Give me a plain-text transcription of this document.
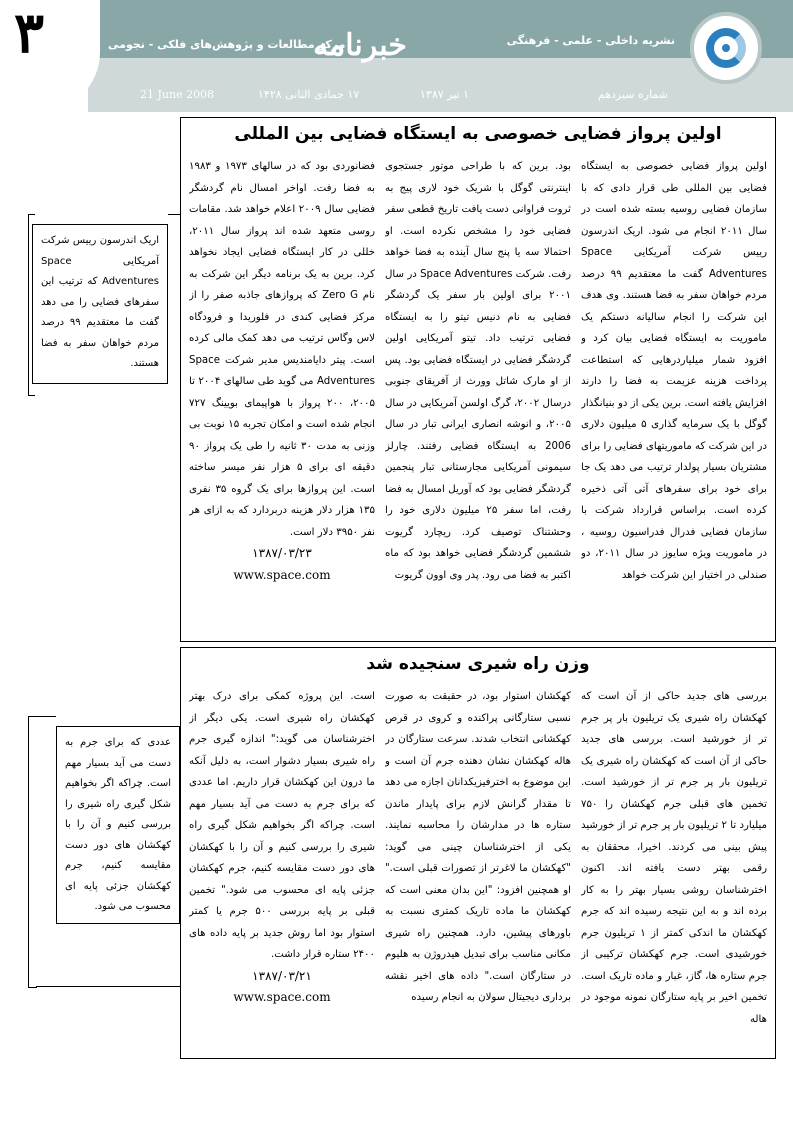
۳	خبرنامه	نشریه داخلی - علمی - فرهنگی
مرکز مطالعات و پژوهش‌های فلکی - نجومی
شماره سیزدهم
۱ تیر ۱۳۸۷
۱۷ جمادی الثانی ۱۴۲۸
21 June 2008
اولین پرواز فضایی خصوصی به ایستگاه فضایی بین المللی
اولین پرواز فضایی خصوصی به ایستگاه فضایی بین المللی طی قرار دادی که با سازمان فضایی روسیه بسته شده است در سال ۲۰۱۱ انجام می شود. اریک اندرسون رییس شرکت آمریکایی Space Adventures گفت ما معتقدیم ۹۹ درصد مردم خواهان سفر به فضا هستند. وی هدف این شرکت را انجام سالیانه دستکم یک ماموریت به ایستگاه فضایی بیان کرد و افزود شمار میلیاردرهایی که استطاعت پرداخت هزینه عزیمت به فضا را دارند افزایش یافته است. برین یکی از دو بنیانگذار گوگل با یک سرمایه گذاری ۵ میلیون دلاری در این شرکت که ماموریتهای فضایی را برای مشتریان بسیار پولدار ترتیب می دهد یک جا برای خود برای سفرهای آتی آتی ذخیره کرده است. براساس قرارداد شرکت با سازمان فضایی فدرال فدراسیون روسیه ، در ماموریت ویژه سایوز در سال ۲۰۱۱، دو صندلی در اختیار این شرکت خواهد
بود. برین که با طراحی موتور جستجوی اینترنتی گوگل با شریک خود لاری پیج به ثروت فراوانی دست یافت تاریخ قطعی سفر فضایی خود را مشخص نکرده است. او احتمالا سه یا پنج سال آینده به فضا خواهد رفت. شرکت Space Adventures در سال ۲۰۰۱ برای اولین بار سفر یک گردشگر فضایی به نام دنیس تیتو را به ایستگاه فضایی ترتیب داد. تیتو آمریکایی اولین گردشگر فضایی در ایستگاه فضایی بود. پس از او مارک شاتل وورث از آفریقای جنوبی درسال ۲۰۰۲، گرگ اولسن آمریکایی در سال ۲۰۰۵، و انوشه انصاری ایرانی تبار در سال 2006 به ایستگاه فضایی رفتند. چارلز سیمونی آمریکایی مجارستانی تبار پنجمین گردشگر فضایی بود که آوریل امسال به فضا رفت، اما سفر ۲۵ میلیون دلاری خود را وحشتناک توصیف کرد. ریچارد گریوت ششمین گردشگر فضایی خواهد بود که ماه اکتبر به فضا می رود. پدر وی اوون گریوت
فضانوردی بود که در سالهای ۱۹۷۳ و ۱۹۸۳ به فضا رفت. اواخر امسال نام گردشگر فضایی سال ۲۰۰۹ اعلام خواهد شد. مقامات روسی متعهد شده اند پرواز سال ۲۰۱۱، خللی در کار ایستگاه فضایی ایجاد نخواهد کرد. برین به یک برنامه دیگر این شرکت به نام Zero G که پروازهای جاذبه صفر را از مرکز فضایی کندی در فلوریدا و فرودگاه لاس وگاس ترتیب می دهد کمک مالی کرده است. پیتر دایامندیس مدیر شرکت Space Adventures می گوید طی سالهای ۲۰۰۴ تا ۲۰۰۵، ۲۰۰ پرواز با هواپیمای بویینگ ۷۲۷ انجام شده است و امکان تجربه ۱۵ نوبت بی وزنی به مدت ۳۰ ثانیه را طی یک پرواز ۹۰ دقیقه ای برای ۵ هزار نفر میسر ساخته است. این پروازها برای یک گروه ۳۵ نفری ۱۳۵ هزار دلار هزینه دربردارد که به ازای هر نفر ۳۹۵۰ دلار است.
۱۳۸۷/۰۳/۲۳
www.space.com
اریک اندرسون رییس شرکت آمریکایی Space Adventures که ترتیب این سفرهای فضایی را می دهد گفت ما معتقدیم ۹۹ درصد مردم خواهان سفر به فضا هستند.
وزن راه شیری سنجیده شد
بررسی های جدید حاکی از آن است که کهکشان راه شیری یک تریلیون بار پر جرم تر از خورشید است. بررسی های جدید حاکی از آن است که کهکشان راه شیری یک تریلیون بار پر جرم تر از خورشید است. تخمین های قبلی جرم کهکشان را ۷۵۰ میلیارد تا ۲ تریلیون بار پر جرم تر از خورشید پیش بینی می کردند. اخیرا، محققان به رقمی بهتر دست یافته اند. اکنون اخترشناسان روشی بسیار بهتر را به کار برده اند و به این نتیجه رسیده اند که جرم کهکشان ما اندکی کمتر از ۱ تریلیون جرم خورشیدی است. جرم کهکشان ترکیبی از جرم ستاره ها، گاز، غبار و ماده تاریک است. تخمین اخیر بر پایه ستارگان نمونه موجود در هاله
کهکشان استوار بود، در حقیقت به صورت نسبی ستارگانی پراکنده و کروی در قرص کهکشانی انتخاب شدند. سرعت ستارگان در هاله کهکشان نشان دهنده جرم آن است و این موضوع به اخترفیزیکدانان اجازه می دهد تا مقدار گرانش لازم برای پایدار ماندن ستاره ها در مدارشان را محاسبه نمایند. یکی از اخترشناسان چینی می گوید: "کهکشان ما لاغرتر از تصورات قبلی است." او همچنین افزود: "این بدان معنی است که کهکشان ما ماده تاریک کمتری نسبت به باورهای پیشین، دارد. همچنین راه شیری مکانی مناسب برای تبدیل هیدروژن به هلیوم در ستارگان است." داده های اخیر نقشه برداری دیجیتال سولان به انجام رسیده
است. این پروژه کمکی برای درک بهتر کهکشان راه شیری است. یکی دیگر از اخترشناسان می گوید:" اندازه گیری جرم راه شیری بسیار دشوار است، به دلیل آنکه ما درون این کهکشان قرار داریم. اما عددی که برای جرم به دست می آید بسیار مهم است. چراکه اگر بخواهیم شکل گیری راه شیری را بررسی کنیم و آن را با کهکشان های دور دست مقایسه کنیم، جرم کهکشان جزئی پایه ای محسوب می شود." تخمین قبلی بر پایه بررسی ۵۰۰ جرم یا کمتر استوار بود اما روش جدید بر پایه داده های ۲۴۰۰ ستاره قرار داشت.
۱۳۸۷/۰۳/۲۱
www.space.com
عددی که برای جرم به دست می آید بسیار مهم است. چراکه اگر بخواهیم شکل گیری راه شیری را بررسی کنیم و آن را با کهکشان های دور دست مقایسه کنیم، جرم کهکشان جزئی پایه ای محسوب می شود.
